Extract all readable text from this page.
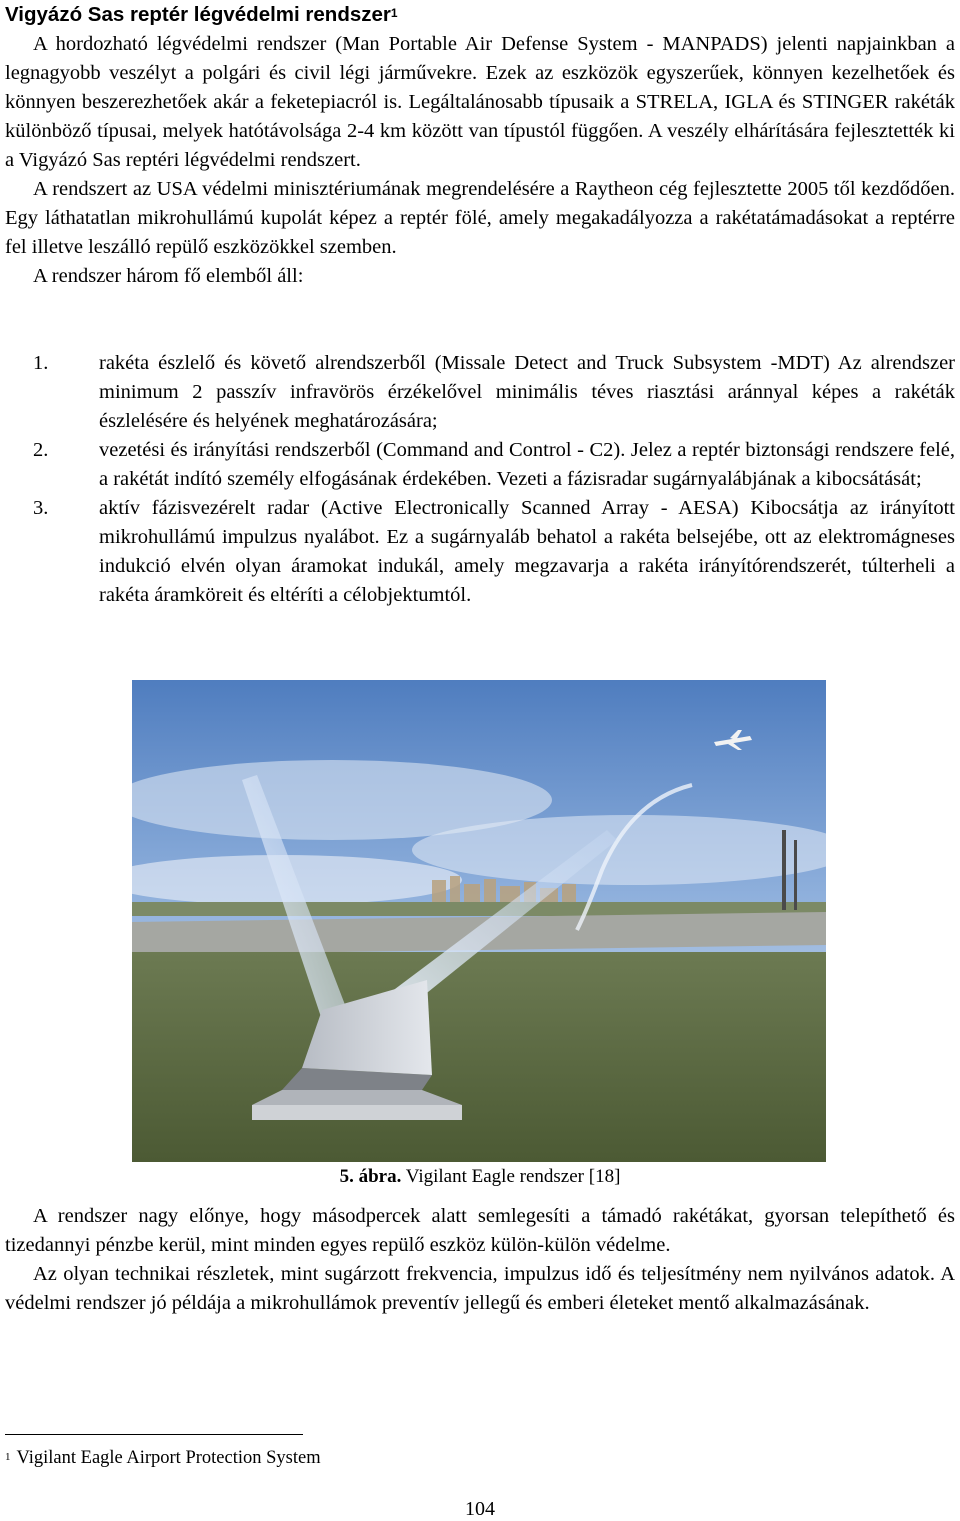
Vigyázó Sas reptér légvédelmi rendszer$^1$

A hordozható légvédelmi rendszer (Man Portable Air Defense System - MANPADS) jelenti napjainkban a legnagyobb veszélyt a polgári és civil légi járművekre. Ezek az eszközök egyszerűek, könnyen kezelhetőek és könnyen beszerezhetőek akár a feketepiacról is. Legáltalánosabb típusaik a STRELA, IGLA és STINGER rakéták különböző típusai, melyek hatótávolsága 2-4 km között van típustól függően. A veszély elhárítására fejlesztették ki a Vigyázó Sas reptéri légvédelmi rendszert.

A rendszert az USA védelmi minisztériumának megrendelésére a Raytheon cég fejlesztette 2005 től kezdődően. Egy láthatatlan mikrohullámú kupolát képez a reptér fölé, amely megakadályozza a rakétatámadásokat a reptérre fel illetve leszálló repülő eszközökkel szemben.

A rendszer három fő elemből áll:

1. rakéta észlelő és követő alrendszerből (Missale Detect and Truck Subsystem -MDT) Az alrendszer minimum 2 passzív infravörös érzékelővel minimális téves riasztási aránnyal képes a rakéták észlelésére és helyének meghatározására;
2. vezetési és irányítási rendszerből (Command and Control - C2). Jelez a reptér biztonsági rendszere felé, a rakétát indító személy elfogásának érdekében. Vezeti a fázisradar sugárnyalábjának a kibocsátását;
3. aktív fázisvezérelt radar (Active Electronically Scanned Array - AESA) Kibocsátja az irányított mikrohullámú impulzus nyalábot. Ez a sugárnyaláb behatol a rakéta belsejébe, ott az elektromágneses indukció elvén olyan áramokat indukál, amely megzavarja a rakéta irányítórendszerét, túlterheli a rakéta áramköreit és eltéríti a célobjektumtól.
5. ábra. Vigilant Eagle rendszer [18]

A rendszer nagy előnye, hogy másodpercek alatt semlegesíti a támadó rakétákat, gyorsan telepíthető és tizedannyi pénzbe kerül, mint minden egyes repülő eszköz külön-külön védelme.

Az olyan technikai részletek, mint sugárzott frekvencia, impulzus idő és teljesítmény nem nyilvános adatok. A védelmi rendszer jó példája a mikrohullámok preventív jellegű és emberi életeket mentő alkalmazásának.

$^1$ Vigilant Eagle Airport Protection System
104
